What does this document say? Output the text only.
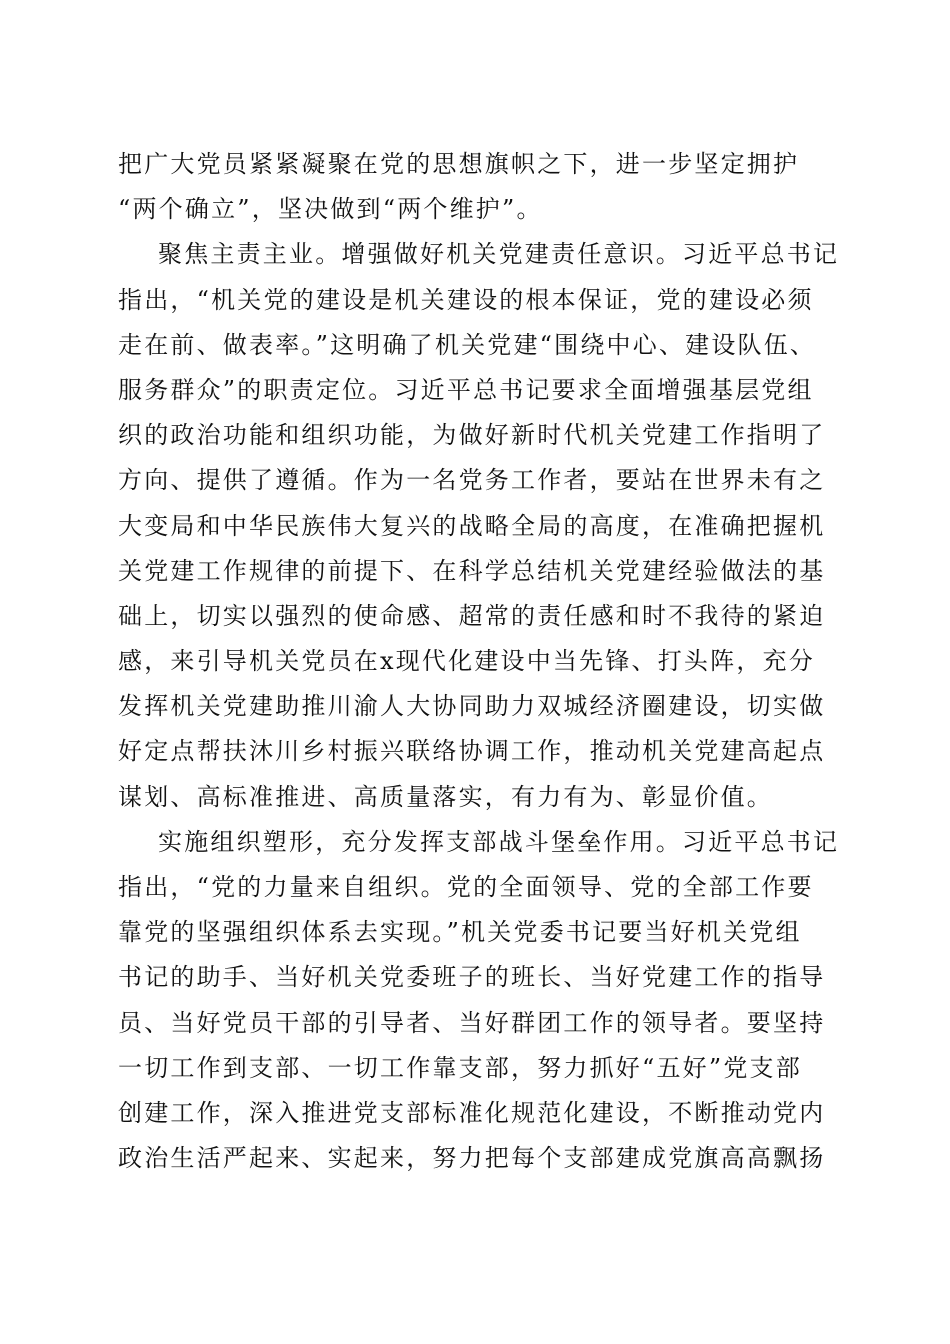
把广大党员紧紧凝聚在党的思想旗帜之下，进一步坚定拥护
“两个确立”，坚决做到“两个维护”。
聚焦主责主业。增强做好机关党建责任意识。习近平总书记
指出，“机关党的建设是机关建设的根本保证，党的建设必须
走在前、做表率。”这明确了机关党建“围绕中心、建设队伍、
服务群众”的职责定位。习近平总书记要求全面增强基层党组
织的政治功能和组织功能，为做好新时代机关党建工作指明了
方向、提供了遵循。作为一名党务工作者，要站在世界未有之
大变局和中华民族伟大复兴的战略全局的高度，在准确把握机
关党建工作规律的前提下、在科学总结机关党建经验做法的基
础上，切实以强烈的使命感、超常的责任感和时不我待的紧迫
感，来引导机关党员在x现代化建设中当先锋、打头阵，充分
发挥机关党建助推川渝人大协同助力双城经济圈建设，切实做
好定点帮扶沐川乡村振兴联络协调工作，推动机关党建高起点
谋划、高标准推进、高质量落实，有力有为、彰显价值。
实施组织塑形，充分发挥支部战斗堡垒作用。习近平总书记
指出，“党的力量来自组织。党的全面领导、党的全部工作要
靠党的坚强组织体系去实现。”机关党委书记要当好机关党组
书记的助手、当好机关党委班子的班长、当好党建工作的指导
员、当好党员干部的引导者、当好群团工作的领导者。要坚持
一切工作到支部、一切工作靠支部，努力抓好“五好”党支部
创建工作，深入推进党支部标准化规范化建设，不断推动党内
政治生活严起来、实起来，努力把每个支部建成党旗高高飘扬
